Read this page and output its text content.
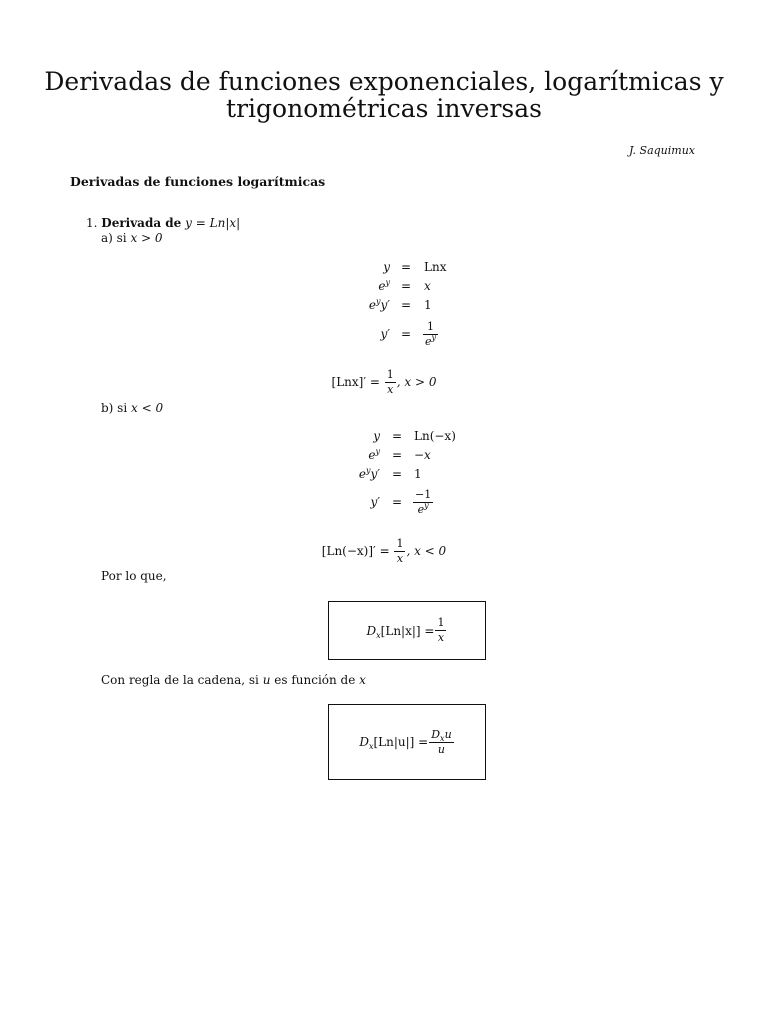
Derivadas de funciones exponenciales, logarítmicas y
trigonométricas inversas
J. Saquimux
Derivadas de funciones logarítmicas
1. Derivada de y = Ln|x|
a) si x > 0
y =	Lnx
$e^y$ =	x
$e^yy'$ =	1
y′ =	$\frac{1}{e^y}$
$[Lnx]' = \frac{1}{x}$ , x > 0
b) si x < 0
y = Ln(−x)
$e^y = -x$
$e^yy' = 1$
$y' = \frac{-1}{e^y}$
$[Ln(-x)]' = \frac{1}{x}$ , x < 0
Por lo que,
$D_x$ $[Ln|x|] = \frac{1}{x}$
Con regla de la cadena, si u es función de x
$D_x$ $[Ln|u|] = \frac{D_xu}{u}$
